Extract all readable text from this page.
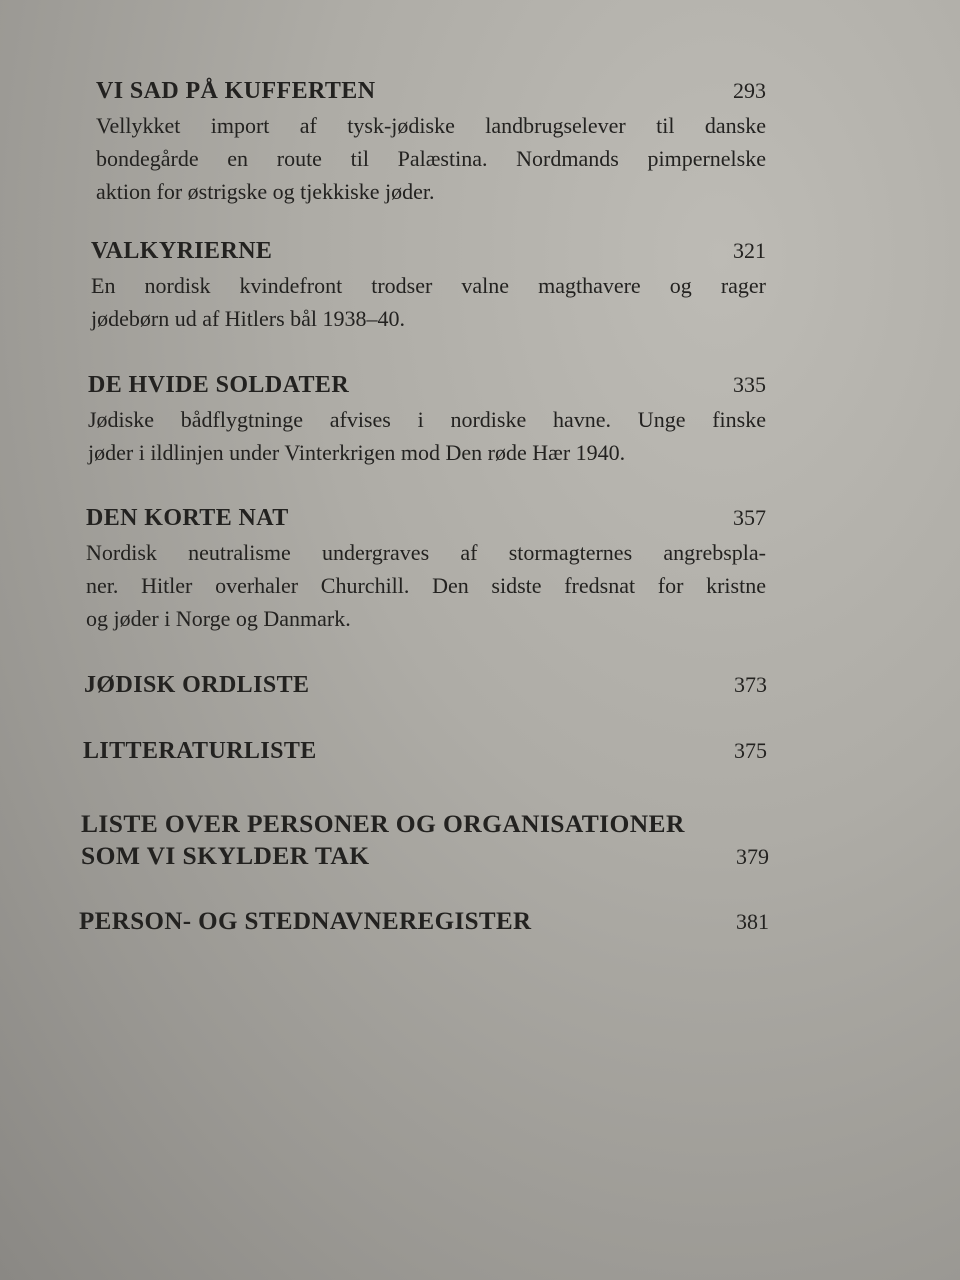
VI SAD PÅ KUFFERTEN	293
Vellykket import af tysk-jødiske landbrugselever til danske
bondegårde en route til Palæstina. Nordmands pimpernelske
aktion for østrigske og tjekkiske jøder.
VALKYRIERNE	321
En nordisk kvindefront trodser valne magthavere og rager
jødebørn ud af Hitlers bål 1938–40.
DE HVIDE SOLDATER	335
Jødiske bådflygtninge afvises i nordiske havne. Unge finske
jøder i ildlinjen under Vinterkrigen mod Den røde Hær 1940.
DEN KORTE NAT	357
Nordisk neutralisme undergraves af stormagternes angrebspla-
ner. Hitler overhaler Churchill. Den sidste fredsnat for kristne
og jøder i Norge og Danmark.
JØDISK ORDLISTE	373
LITTERATURLISTE	375
LISTE OVER PERSONER OG ORGANISATIONER
SOM VI SKYLDER TAK	379
PERSON- OG STEDNAVNEREGISTER	381
